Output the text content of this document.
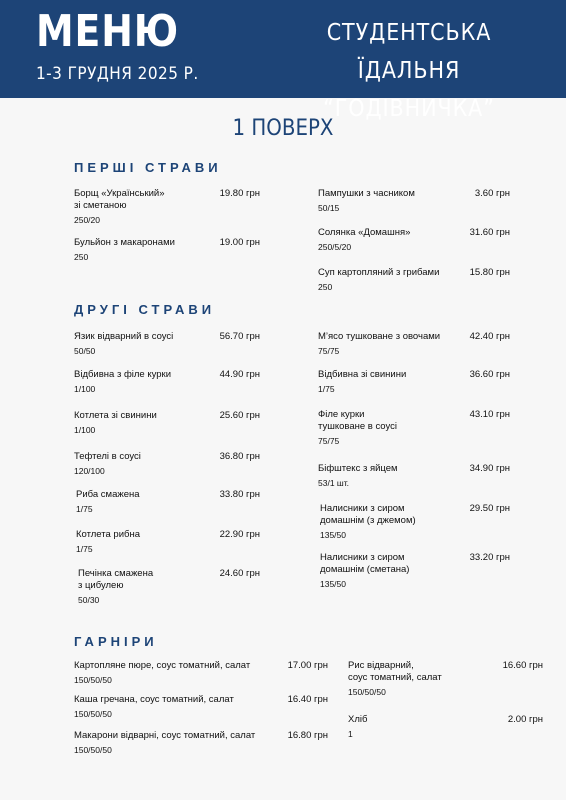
МЕНЮ
1-3 ГРУДНЯ 2025 Р.
СТУДЕНТСЬКА ЇДАЛЬНЯ
“ГОДІВНИЧКА”
1 ПОВЕРХ
ПЕРШІ СТРАВИ
ДРУГІ СТРАВИ
ГАРНІРИ
Борщ «Український»
зі сметаною
19.80 грн
250/20
Бульйон з макаронами	19.00 грн
250
Пампушки з часником	3.60 грн
50/15
Солянка «Домашня»	31.60 грн
250/5/20
Суп картопляний з грибами	15.80 грн
250
Язик відварний в соусі	56.70 грн
50/50
Відбивна з філе курки	44.90 грн
1/100
Котлета зі свинини	25.60 грн
1/100
Тефтелі в соусі	36.80 грн
120/100
Риба смажена	33.80 грн
1/75
Котлета рибна	22.90 грн
1/75
Печінка смажена
з цибулею
24.60 грн
50/30
М’ясо тушковане з овочами	42.40 грн
75/75
Відбивна зі свинини	36.60 грн
1/75
Філе курки
тушковане в соусі
43.10 грн
75/75
Біфштекс з яйцем	34.90 грн
53/1 шт.
Налисники з сиром
домашнім (з джемом)
29.50 грн
135/50
Налисники з сиром
домашнім (сметана)
33.20 грн
135/50
Картопляне пюре, соус томатний, салат	17.00 грн
150/50/50
Каша гречана, соус томатний, салат	16.40 грн
150/50/50
Макарони відварні, соус томатний, салат	16.80 грн
150/50/50
Рис відварний,
соус томатний, салат
16.60 грн
150/50/50
Хліб	2.00 грн
1
